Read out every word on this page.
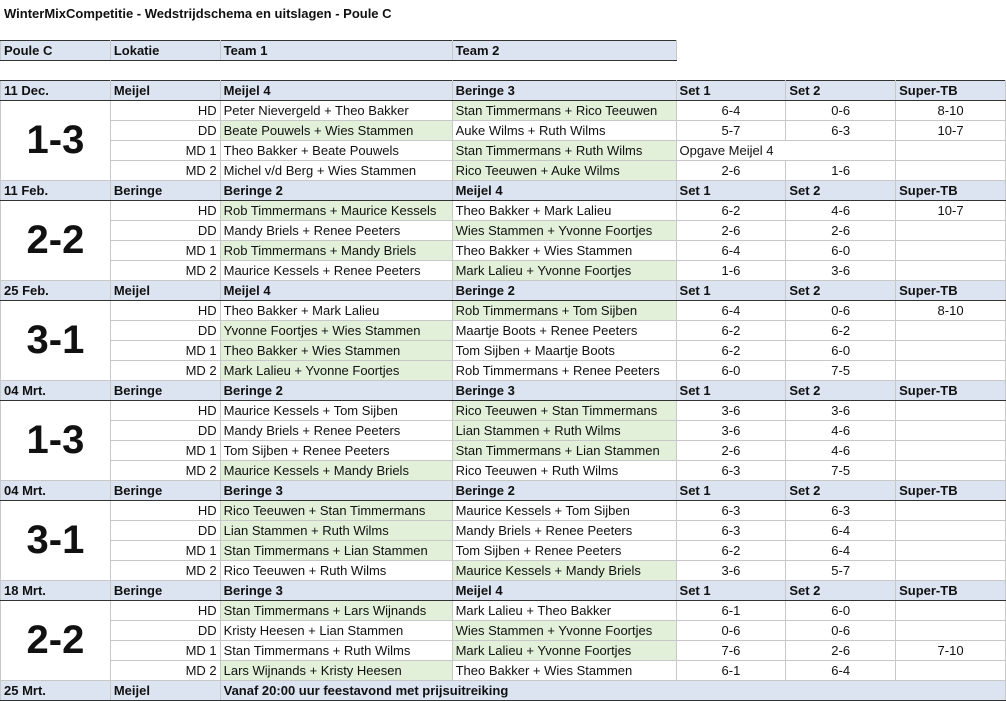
WinterMixCompetitie - Wedstrijdschema en uitslagen - Poule C
Poule C	Lokatie	Team 1	Team 2			

11 Dec.	Meijel	Meijel 4	Beringe 3	Set 1	Set 2	Super-TB
1-3	HD	Peter Nievergeld + Theo Bakker	Stan Timmermans + Rico Teeuwen	6-4	0-6	8-10
	DD	Beate Pouwels + Wies Stammen	Auke Wilms + Ruth Wilms	5-7	6-3	10-7
	MD 1	Theo Bakker + Beate Pouwels	Stan Timmermans + Ruth Wilms	Opgave Meijel 4		
	MD 2	Michel v/d Berg + Wies Stammen	Rico Teeuwen + Auke Wilms	2-6	1-6	
11 Feb.	Beringe	Beringe 2	Meijel 4	Set 1	Set 2	Super-TB
2-2	HD	Rob Timmermans + Maurice Kessels	Theo Bakker + Mark Lalieu	6-2	4-6	10-7
	DD	Mandy Briels + Renee Peeters	Wies Stammen + Yvonne Foortjes	2-6	2-6	
	MD 1	Rob Timmermans + Mandy Briels	Theo Bakker + Wies Stammen	6-4	6-0	
	MD 2	Maurice Kessels + Renee Peeters	Mark Lalieu + Yvonne Foortjes	1-6	3-6	
25 Feb.	Meijel	Meijel 4	Beringe 2	Set 1	Set 2	Super-TB
3-1	HD	Theo Bakker + Mark Lalieu	Rob Timmermans + Tom Sijben	6-4	0-6	8-10
	DD	Yvonne Foortjes + Wies Stammen	Maartje Boots + Renee Peeters	6-2	6-2	
	MD 1	Theo Bakker + Wies Stammen	Tom Sijben + Maartje Boots	6-2	6-0	
	MD 2	Mark Lalieu + Yvonne Foortjes	Rob Timmermans + Renee Peeters	6-0	7-5	
04 Mrt.	Beringe	Beringe 2	Beringe 3	Set 1	Set 2	Super-TB
1-3	HD	Maurice Kessels + Tom Sijben	Rico Teeuwen + Stan Timmermans	3-6	3-6	
	DD	Mandy Briels + Renee Peeters	Lian Stammen + Ruth Wilms	3-6	4-6	
	MD 1	Tom Sijben + Renee Peeters	Stan Timmermans + Lian Stammen	2-6	4-6	
	MD 2	Maurice Kessels + Mandy Briels	Rico Teeuwen + Ruth Wilms	6-3	7-5	
04 Mrt.	Beringe	Beringe 3	Beringe 2	Set 1	Set 2	Super-TB
3-1	HD	Rico Teeuwen + Stan Timmermans	Maurice Kessels + Tom Sijben	6-3	6-3	
	DD	Lian Stammen + Ruth Wilms	Mandy Briels + Renee Peeters	6-3	6-4	
	MD 1	Stan Timmermans + Lian Stammen	Tom Sijben + Renee Peeters	6-2	6-4	
	MD 2	Rico Teeuwen + Ruth Wilms	Maurice Kessels + Mandy Briels	3-6	5-7	
18 Mrt.	Beringe	Beringe 3	Meijel 4	Set 1	Set 2	Super-TB
2-2	HD	Stan Timmermans + Lars Wijnands	Mark Lalieu + Theo Bakker	6-1	6-0	
	DD	Kristy Heesen + Lian Stammen	Wies Stammen + Yvonne Foortjes	0-6	0-6	
	MD 1	Stan Timmermans + Ruth Wilms	Mark Lalieu + Yvonne Foortjes	7-6	2-6	7-10
	MD 2	Lars Wijnands + Kristy Heesen	Theo Bakker + Wies Stammen	6-1	6-4	
25 Mrt.	Meijel	Vanaf 20:00 uur feestavond met prijsuitreiking				
